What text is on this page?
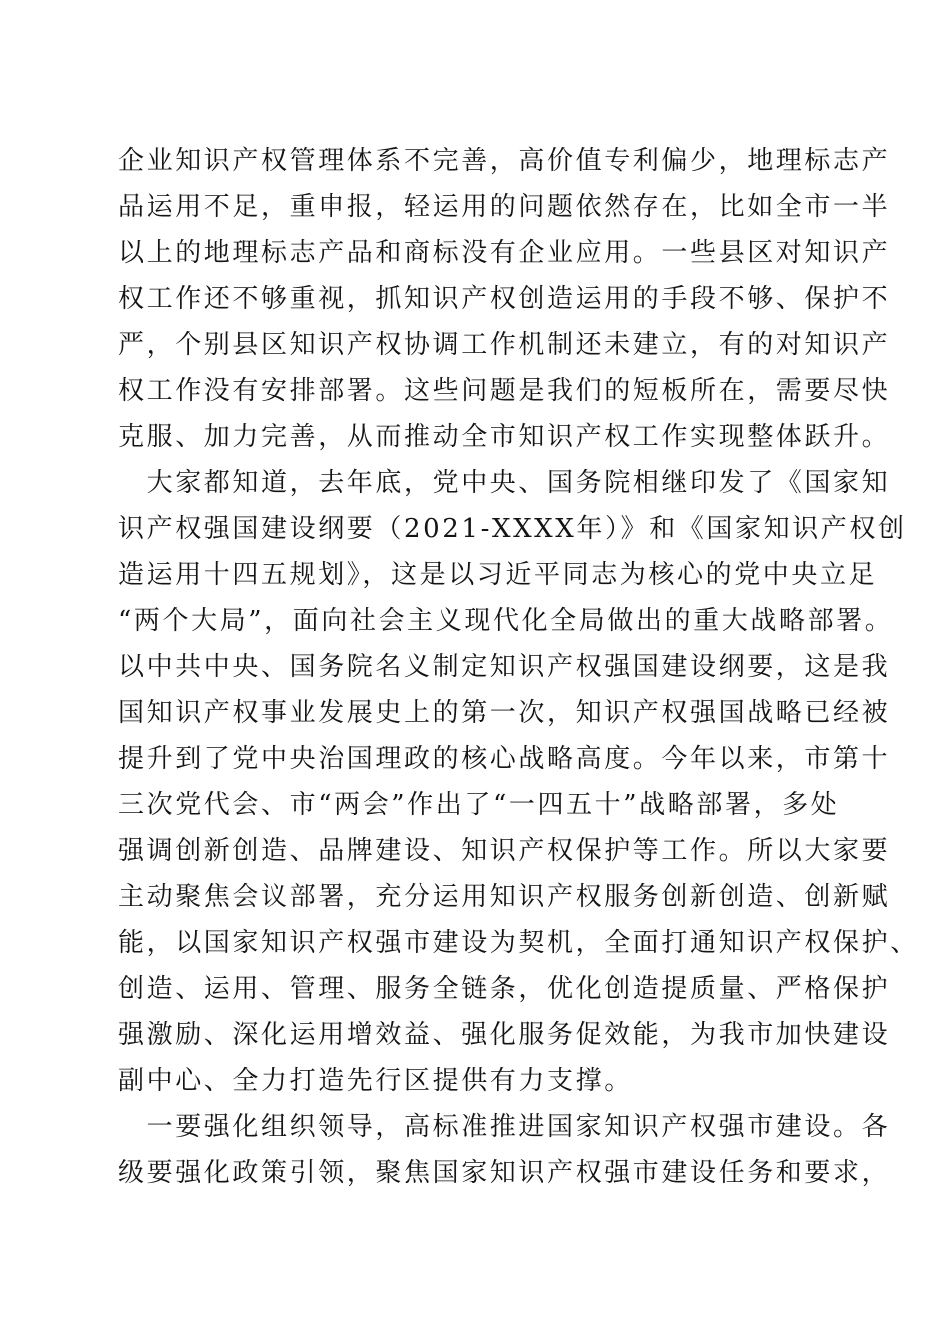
企业知识产权管理体系不完善，高价值专利偏少，地理标志产
品运用不足，重申报，轻运用的问题依然存在，比如全市一半
以上的地理标志产品和商标没有企业应用。一些县区对知识产
权工作还不够重视，抓知识产权创造运用的手段不够、保护不
严，个别县区知识产权协调工作机制还未建立，有的对知识产
权工作没有安排部署。这些问题是我们的短板所在，需要尽快
克服、加力完善，从而推动全市知识产权工作实现整体跃升。
　大家都知道，去年底，党中央、国务院相继印发了《国家知
识产权强国建设纲要（2021-XXXX年）》和《国家知识产权创
造运用十四五规划》，这是以习近平同志为核心的党中央立足
“两个大局”，面向社会主义现代化全局做出的重大战略部署。
以中共中央、国务院名义制定知识产权强国建设纲要，这是我
国知识产权事业发展史上的第一次，知识产权强国战略已经被
提升到了党中央治国理政的核心战略高度。今年以来，市第十
三次党代会、市“两会”作出了“一四五十”战略部署，多处
强调创新创造、品牌建设、知识产权保护等工作。所以大家要
主动聚焦会议部署，充分运用知识产权服务创新创造、创新赋
能，以国家知识产权强市建设为契机，全面打通知识产权保护、
创造、运用、管理、服务全链条，优化创造提质量、严格保护
强激励、深化运用增效益、强化服务促效能，为我市加快建设
副中心、全力打造先行区提供有力支撑。
　一要强化组织领导，高标准推进国家知识产权强市建设。各
级要强化政策引领，聚焦国家知识产权强市建设任务和要求，
